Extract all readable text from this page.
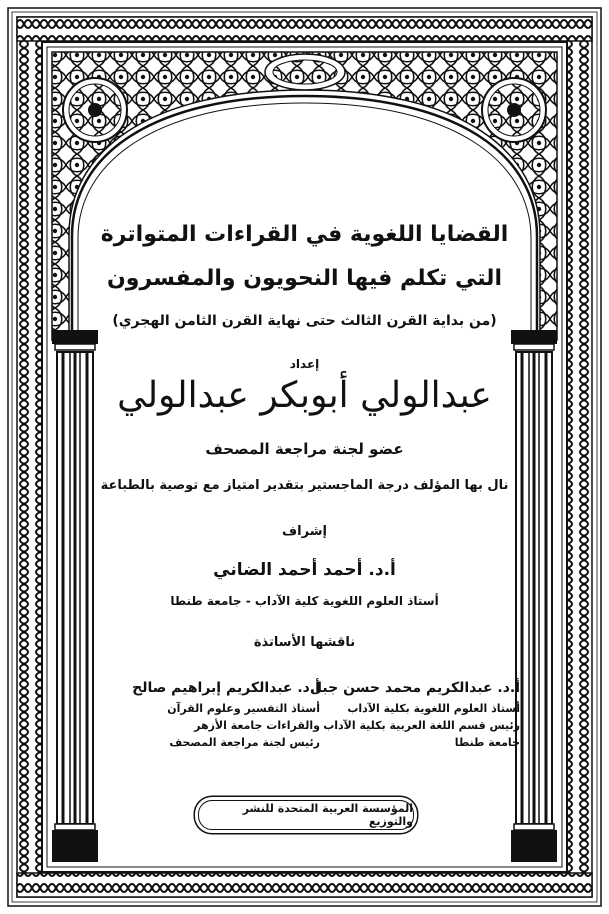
القضايا اللغوية في القراءات المتواترة
التي تكلم فيها النحويون والمفسرون
(من بداية القرن الثالث حتى نهاية القرن الثامن الهجري)
إعداد
عبدالولي أبوبكر عبدالولي
عضو لجنة مراجعة المصحف
نال بها المؤلف درجة الماجستير بتقدير امتياز مع توصية بالطباعة
إشراف
أ.د. أحمد أحمد الضاني
أستاذ العلوم اللغوية كلية الآداب - جامعة طنطا
ناقشها الأساتذة
أ.د. عبدالكريم محمد حسن جبل
أستاذ العلوم اللغوية بكلية الآداب
رئيس قسم اللغة العربية بكلية الآداب
جامعة طنطا
أ.د. عبدالكريم إبراهيم صالح
أستاذ التفسير وعلوم القرآن
والقراءات جامعة الأزهر
رئيس لجنة مراجعة المصحف
المؤسسة العربية المتحدة للنشر والتوزيع
